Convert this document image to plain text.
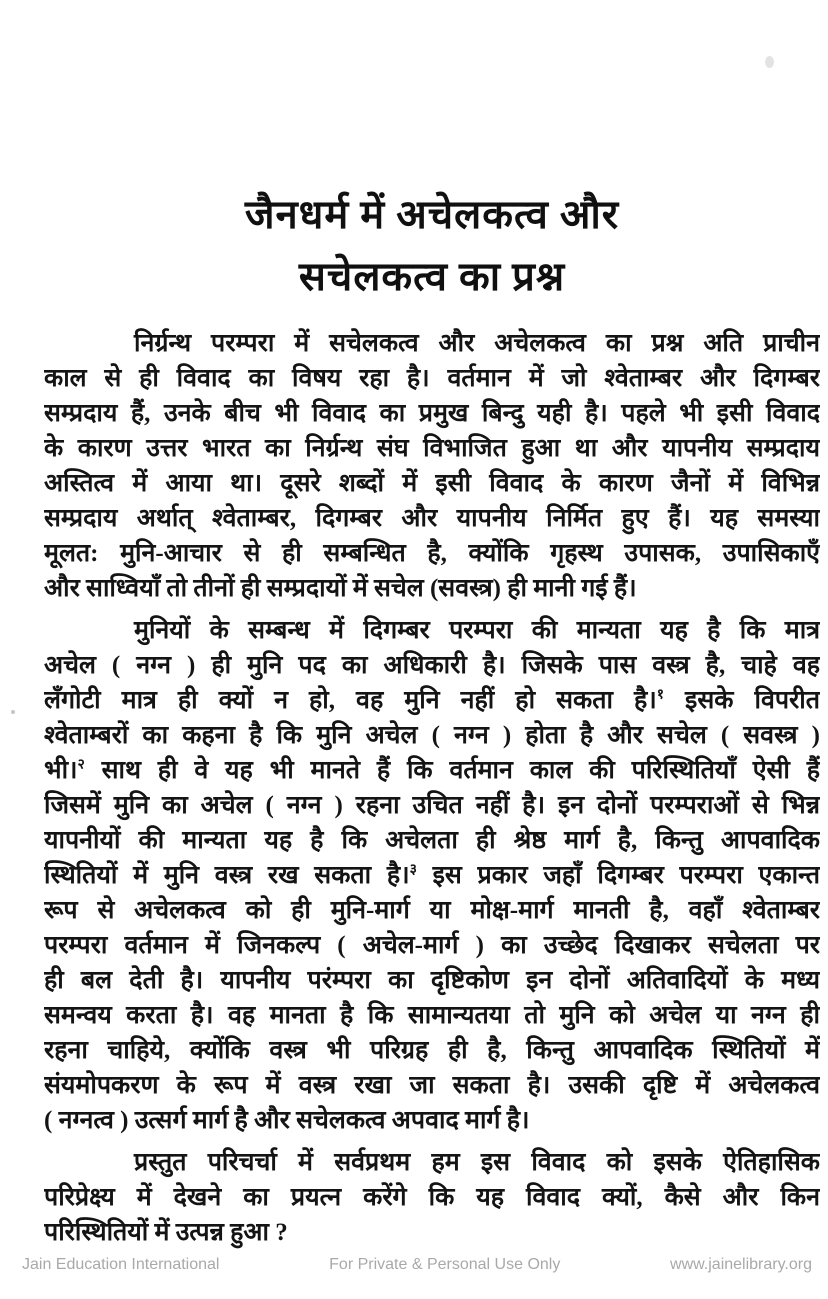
जैनधर्म में अचेलकत्व और
सचेलकत्व का प्रश्न
निर्ग्रन्थ परम्परा में सचेलकत्व और अचेलकत्व का प्रश्न अति प्राचीन
काल से ही विवाद का विषय रहा है। वर्तमान में जो श्वेताम्बर और दिगम्बर
सम्प्रदाय हैं, उनके बीच भी विवाद का प्रमुख बिन्दु यही है। पहले भी इसी विवाद
के कारण उत्तर भारत का निर्ग्रन्थ संघ विभाजित हुआ था और यापनीय सम्प्रदाय
अस्तित्व में आया था। दूसरे शब्दों में इसी विवाद के कारण जैनों में विभिन्न
सम्प्रदाय अर्थात् श्वेताम्बर, दिगम्बर और यापनीय निर्मित हुए हैं। यह समस्या
मूलत: मुनि-आचार से ही सम्बन्धित है, क्योंकि गृहस्थ उपासक, उपासिकाएँ
और साध्वियाँ तो तीनों ही सम्प्रदायों में सचेल (सवस्त्र) ही मानी गई हैं।
मुनियों के सम्बन्ध में दिगम्बर परम्परा की मान्यता यह है कि मात्र
अचेल ( नग्न ) ही मुनि पद का अधिकारी है। जिसके पास वस्त्र है, चाहे वह
लँगोटी मात्र ही क्यों न हो, वह मुनि नहीं हो सकता है।$^१$ इसके विपरीत
श्वेताम्बरों का कहना है कि मुनि अचेल ( नग्न ) होता है और सचेल ( सवस्त्र )
भी।$^२$ साथ ही वे यह भी मानते हैं कि वर्तमान काल की परिस्थितियाँ ऐसी हैं
जिसमें मुनि का अचेल ( नग्न ) रहना उचित नहीं है। इन दोनों परम्पराओं से भिन्न
यापनीयों की मान्यता यह है कि अचेलता ही श्रेष्ठ मार्ग है, किन्तु आपवादिक
स्थितियों में मुनि वस्त्र रख सकता है।$^३$ इस प्रकार जहाँ दिगम्बर परम्परा एकान्त
रूप से अचेलकत्व को ही मुनि-मार्ग या मोक्ष-मार्ग मानती है, वहाँ श्वेताम्बर
परम्परा वर्तमान में जिनकल्प ( अचेल-मार्ग ) का उच्छेद दिखाकर सचेलता पर
ही बल देती है। यापनीय परंम्परा का दृष्टिकोण इन दोनों अतिवादियों के मध्य
समन्वय करता है। वह मानता है कि सामान्यतया तो मुनि को अचेल या नग्न ही
रहना चाहिये, क्योंकि वस्त्र भी परिग्रह ही है, किन्तु आपवादिक स्थितियों में
संयमोपकरण के रूप में वस्त्र रखा जा सकता है। उसकी दृष्टि में अचेलकत्व
( नग्नत्व ) उत्सर्ग मार्ग है और सचेलकत्व अपवाद मार्ग है।
प्रस्तुत परिचर्चा में सर्वप्रथम हम इस विवाद को इसके ऐतिहासिक
परिप्रेक्ष्य में देखने का प्रयत्न करेंगे कि यह विवाद क्यों, कैसे और किन
परिस्थितियों में उत्पन्न हुआ ?
Jain Education International	For Private & Personal Use Only	www.jainelibrary.org
